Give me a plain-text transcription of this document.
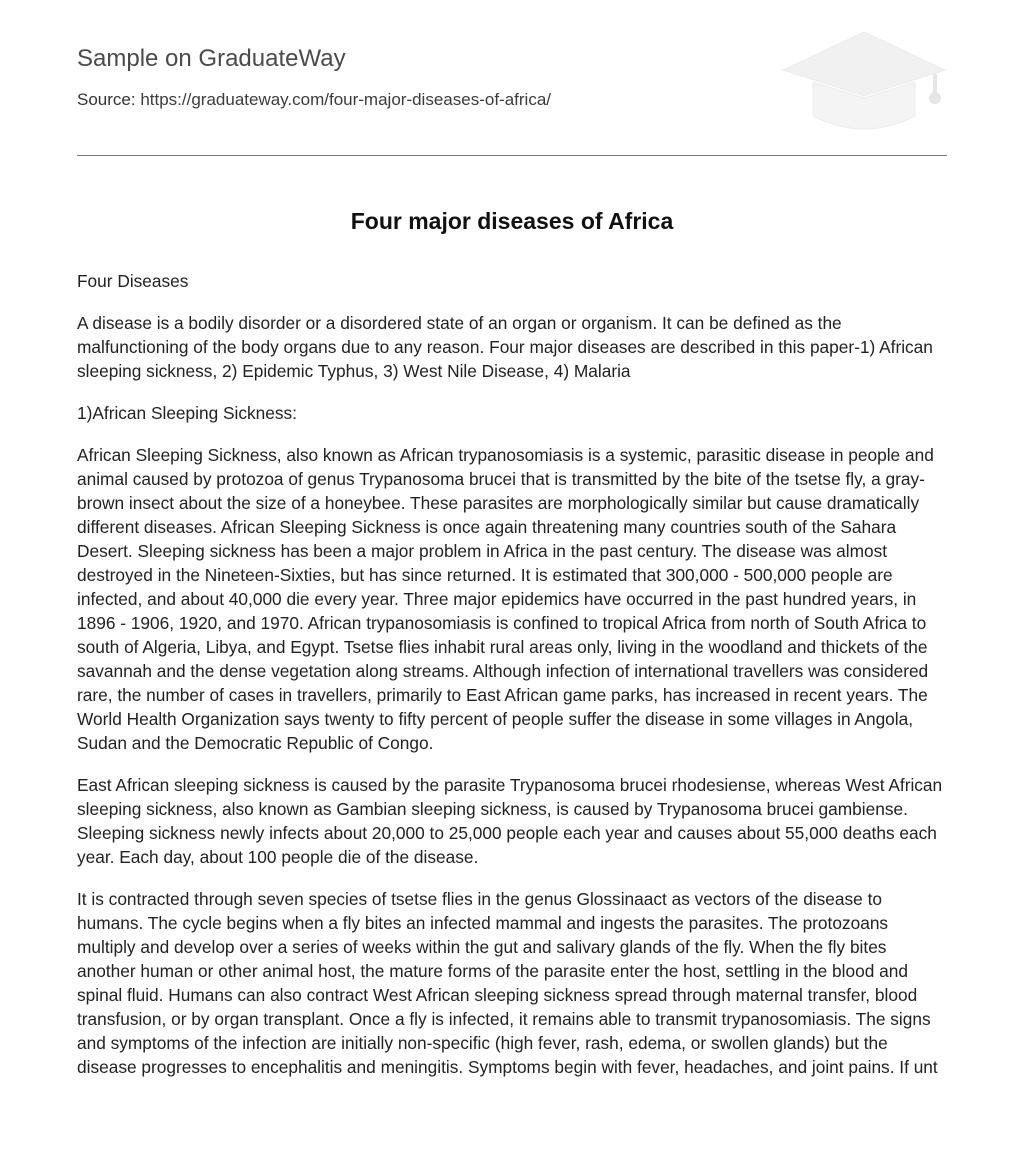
Sample on GraduateWay
Source: https://graduateway.com/four-major-diseases-of-africa/
Four major diseases of Africa

Four Diseases

A disease is a bodily disorder or a disordered state of an organ or organism. It can be defined as the malfunctioning of the body organs due to any reason. Four major diseases are described in this paper-1) African sleeping sickness, 2) Epidemic Typhus, 3) West Nile Disease, 4) Malaria

1)African Sleeping Sickness:

African Sleeping Sickness, also known as African trypanosomiasis is a systemic, parasitic disease in people and animal caused by protozoa of genus Trypanosoma brucei that is transmitted by the bite of the tsetse fly, a gray-brown insect about the size of a honeybee. These parasites are morphologically similar but cause dramatically different diseases. African Sleeping Sickness is once again threatening many countries south of the Sahara Desert. Sleeping sickness has been a major problem in Africa in the past century. The disease was almost destroyed in the Nineteen-Sixties, but has since returned. It is estimated that 300,000 - 500,000 people are infected, and about 40,000 die every year. Three major epidemics have occurred in the past hundred years, in 1896 - 1906, 1920, and 1970. African trypanosomiasis is confined to tropical Africa from north of South Africa to south of Algeria, Libya, and Egypt. Tsetse flies inhabit rural areas only, living in the woodland and thickets of the savannah and the dense vegetation along streams. Although infection of international travellers was considered rare, the number of cases in travellers, primarily to East African game parks, has increased in recent years. The World Health Organization says twenty to fifty percent of people suffer the disease in some villages in Angola, Sudan and the Democratic Republic of Congo.

East African sleeping sickness is caused by the parasite Trypanosoma brucei rhodesiense, whereas West African sleeping sickness, also known as Gambian sleeping sickness, is caused by Trypanosoma brucei gambiense. Sleeping sickness newly infects about 20,000 to 25,000 people each year and causes about 55,000 deaths each year. Each day, about 100 people die of the disease.

It is contracted through seven species of tsetse flies in the genus Glossinaact as vectors of the disease to humans. The cycle begins when a fly bites an infected mammal and ingests the parasites. The protozoans multiply and develop over a series of weeks within the gut and salivary glands of the fly. When the fly bites another human or other animal host, the mature forms of the parasite enter the host, settling in the blood and spinal fluid. Humans can also contract West African sleeping sickness spread through maternal transfer, blood transfusion, or by organ transplant. Once a fly is infected, it remains able to transmit trypanosomiasis. The signs and symptoms of the infection are initially non-specific (high fever, rash, edema, or swollen glands) but the disease progresses to encephalitis and meningitis. Symptoms begin with fever, headaches, and joint pains. If unt
